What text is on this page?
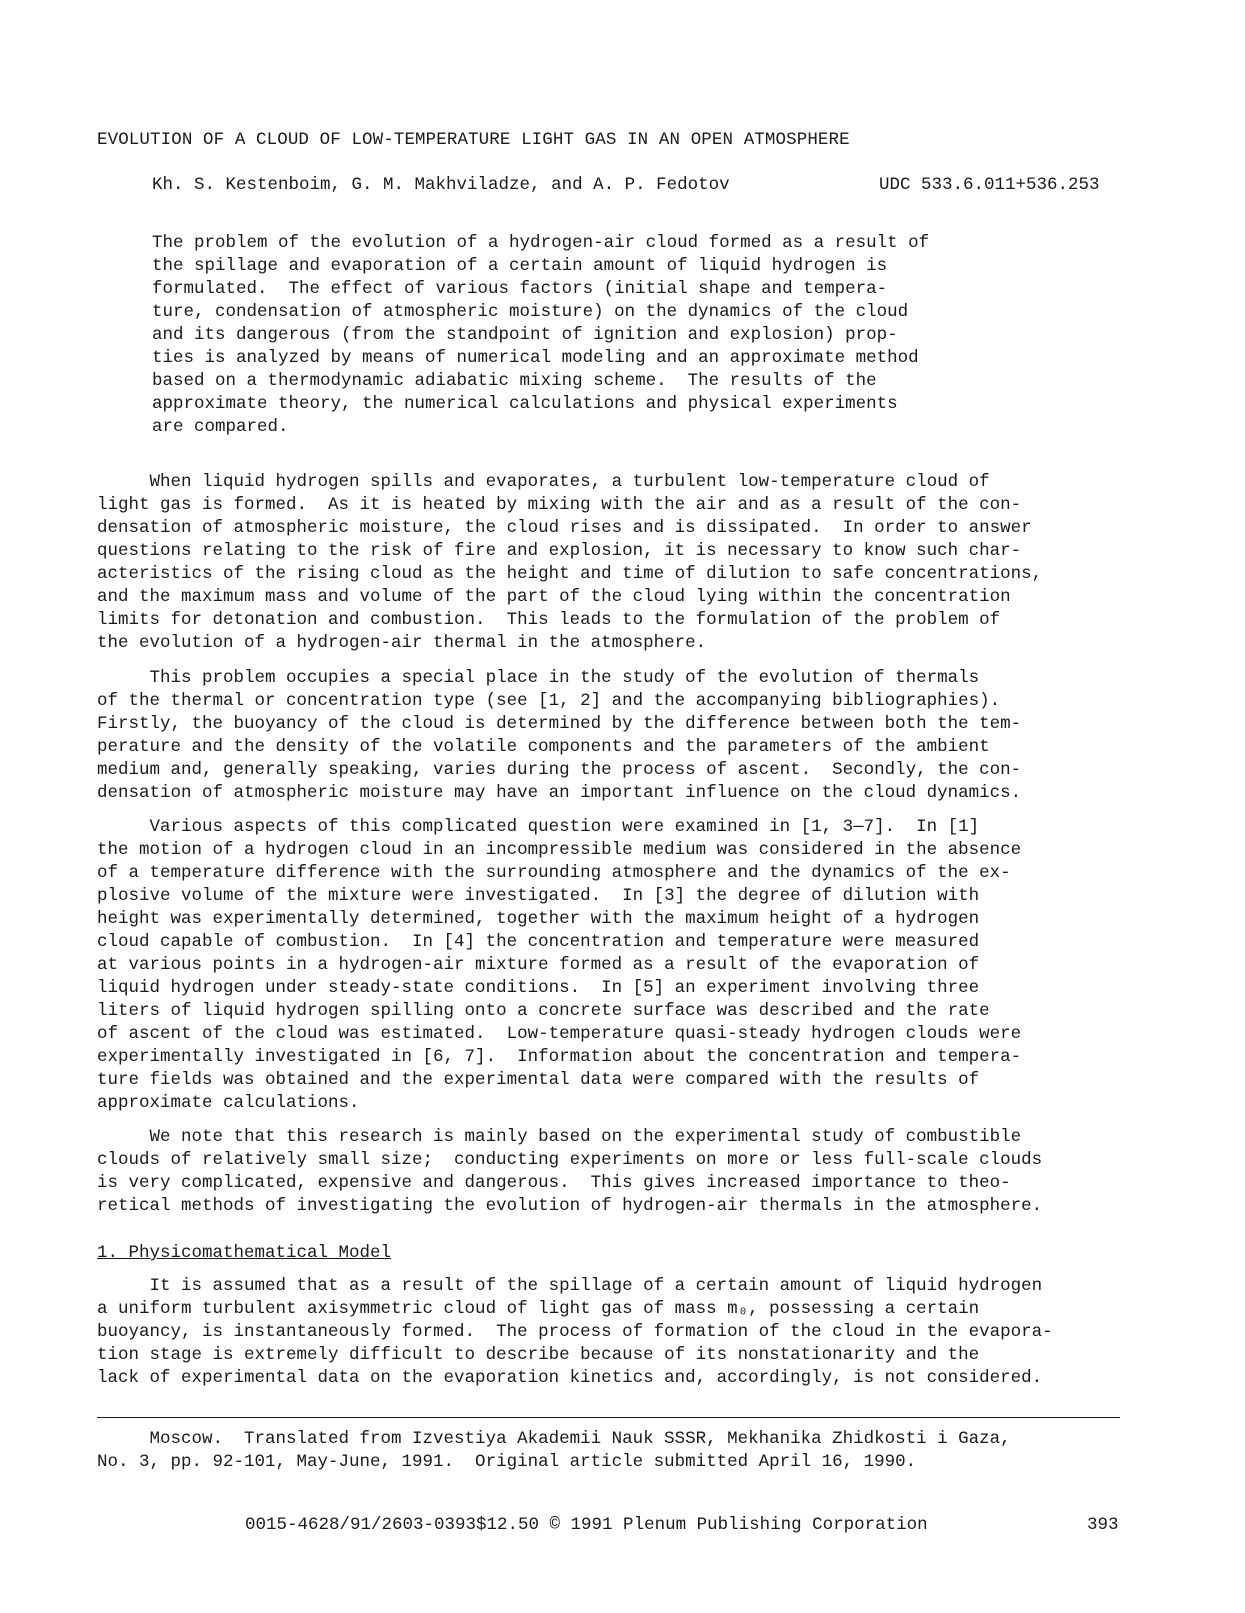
EVOLUTION OF A CLOUD OF LOW-TEMPERATURE LIGHT GAS IN AN OPEN ATMOSPHERE
Kh. S. Kestenboim, G. M. Makhviladze, and A. P. Fedotov	UDC 533.6.011+536.253
The problem of the evolution of a hydrogen-air cloud formed as a result of
the spillage and evaporation of a certain amount of liquid hydrogen is
formulated.  The effect of various factors (initial shape and tempera-
ture, condensation of atmospheric moisture) on the dynamics of the cloud
and its dangerous (from the standpoint of ignition and explosion) prop-
ties is analyzed by means of numerical modeling and an approximate method
based on a thermodynamic adiabatic mixing scheme.  The results of the
approximate theory, the numerical calculations and physical experiments
are compared.
When liquid hydrogen spills and evaporates, a turbulent low-temperature cloud of
light gas is formed.  As it is heated by mixing with the air and as a result of the con-
densation of atmospheric moisture, the cloud rises and is dissipated.  In order to answer
questions relating to the risk of fire and explosion, it is necessary to know such char-
acteristics of the rising cloud as the height and time of dilution to safe concentrations,
and the maximum mass and volume of the part of the cloud lying within the concentration
limits for detonation and combustion.  This leads to the formulation of the problem of
the evolution of a hydrogen-air thermal in the atmosphere.
This problem occupies a special place in the study of the evolution of thermals
of the thermal or concentration type (see [1, 2] and the accompanying bibliographies).
Firstly, the buoyancy of the cloud is determined by the difference between both the tem-
perature and the density of the volatile components and the parameters of the ambient
medium and, generally speaking, varies during the process of ascent.  Secondly, the con-
densation of atmospheric moisture may have an important influence on the cloud dynamics.
Various aspects of this complicated question were examined in [1, 3—7].  In [1]
the motion of a hydrogen cloud in an incompressible medium was considered in the absence
of a temperature difference with the surrounding atmosphere and the dynamics of the ex-
plosive volume of the mixture were investigated.  In [3] the degree of dilution with
height was experimentally determined, together with the maximum height of a hydrogen
cloud capable of combustion.  In [4] the concentration and temperature were measured
at various points in a hydrogen-air mixture formed as a result of the evaporation of
liquid hydrogen under steady-state conditions.  In [5] an experiment involving three
liters of liquid hydrogen spilling onto a concrete surface was described and the rate
of ascent of the cloud was estimated.  Low-temperature quasi-steady hydrogen clouds were
experimentally investigated in [6, 7].  Information about the concentration and tempera-
ture fields was obtained and the experimental data were compared with the results of
approximate calculations.
We note that this research is mainly based on the experimental study of combustible
clouds of relatively small size;  conducting experiments on more or less full-scale clouds
is very complicated, expensive and dangerous.  This gives increased importance to theo-
retical methods of investigating the evolution of hydrogen-air thermals in the atmosphere.
1. Physicomathematical Model
It is assumed that as a result of the spillage of a certain amount of liquid hydrogen
a uniform turbulent axisymmetric cloud of light gas of mass m₀, possessing a certain
buoyancy, is instantaneously formed.  The process of formation of the cloud in the evapora-
tion stage is extremely difficult to describe because of its nonstationarity and the
lack of experimental data on the evaporation kinetics and, accordingly, is not considered.
Moscow.  Translated from Izvestiya Akademii Nauk SSSR, Mekhanika Zhidkosti i Gaza,
No. 3, pp. 92-101, May-June, 1991.  Original article submitted April 16, 1990.
0015-4628/91/2603-0393$12.50 © 1991 Plenum Publishing Corporation	393
